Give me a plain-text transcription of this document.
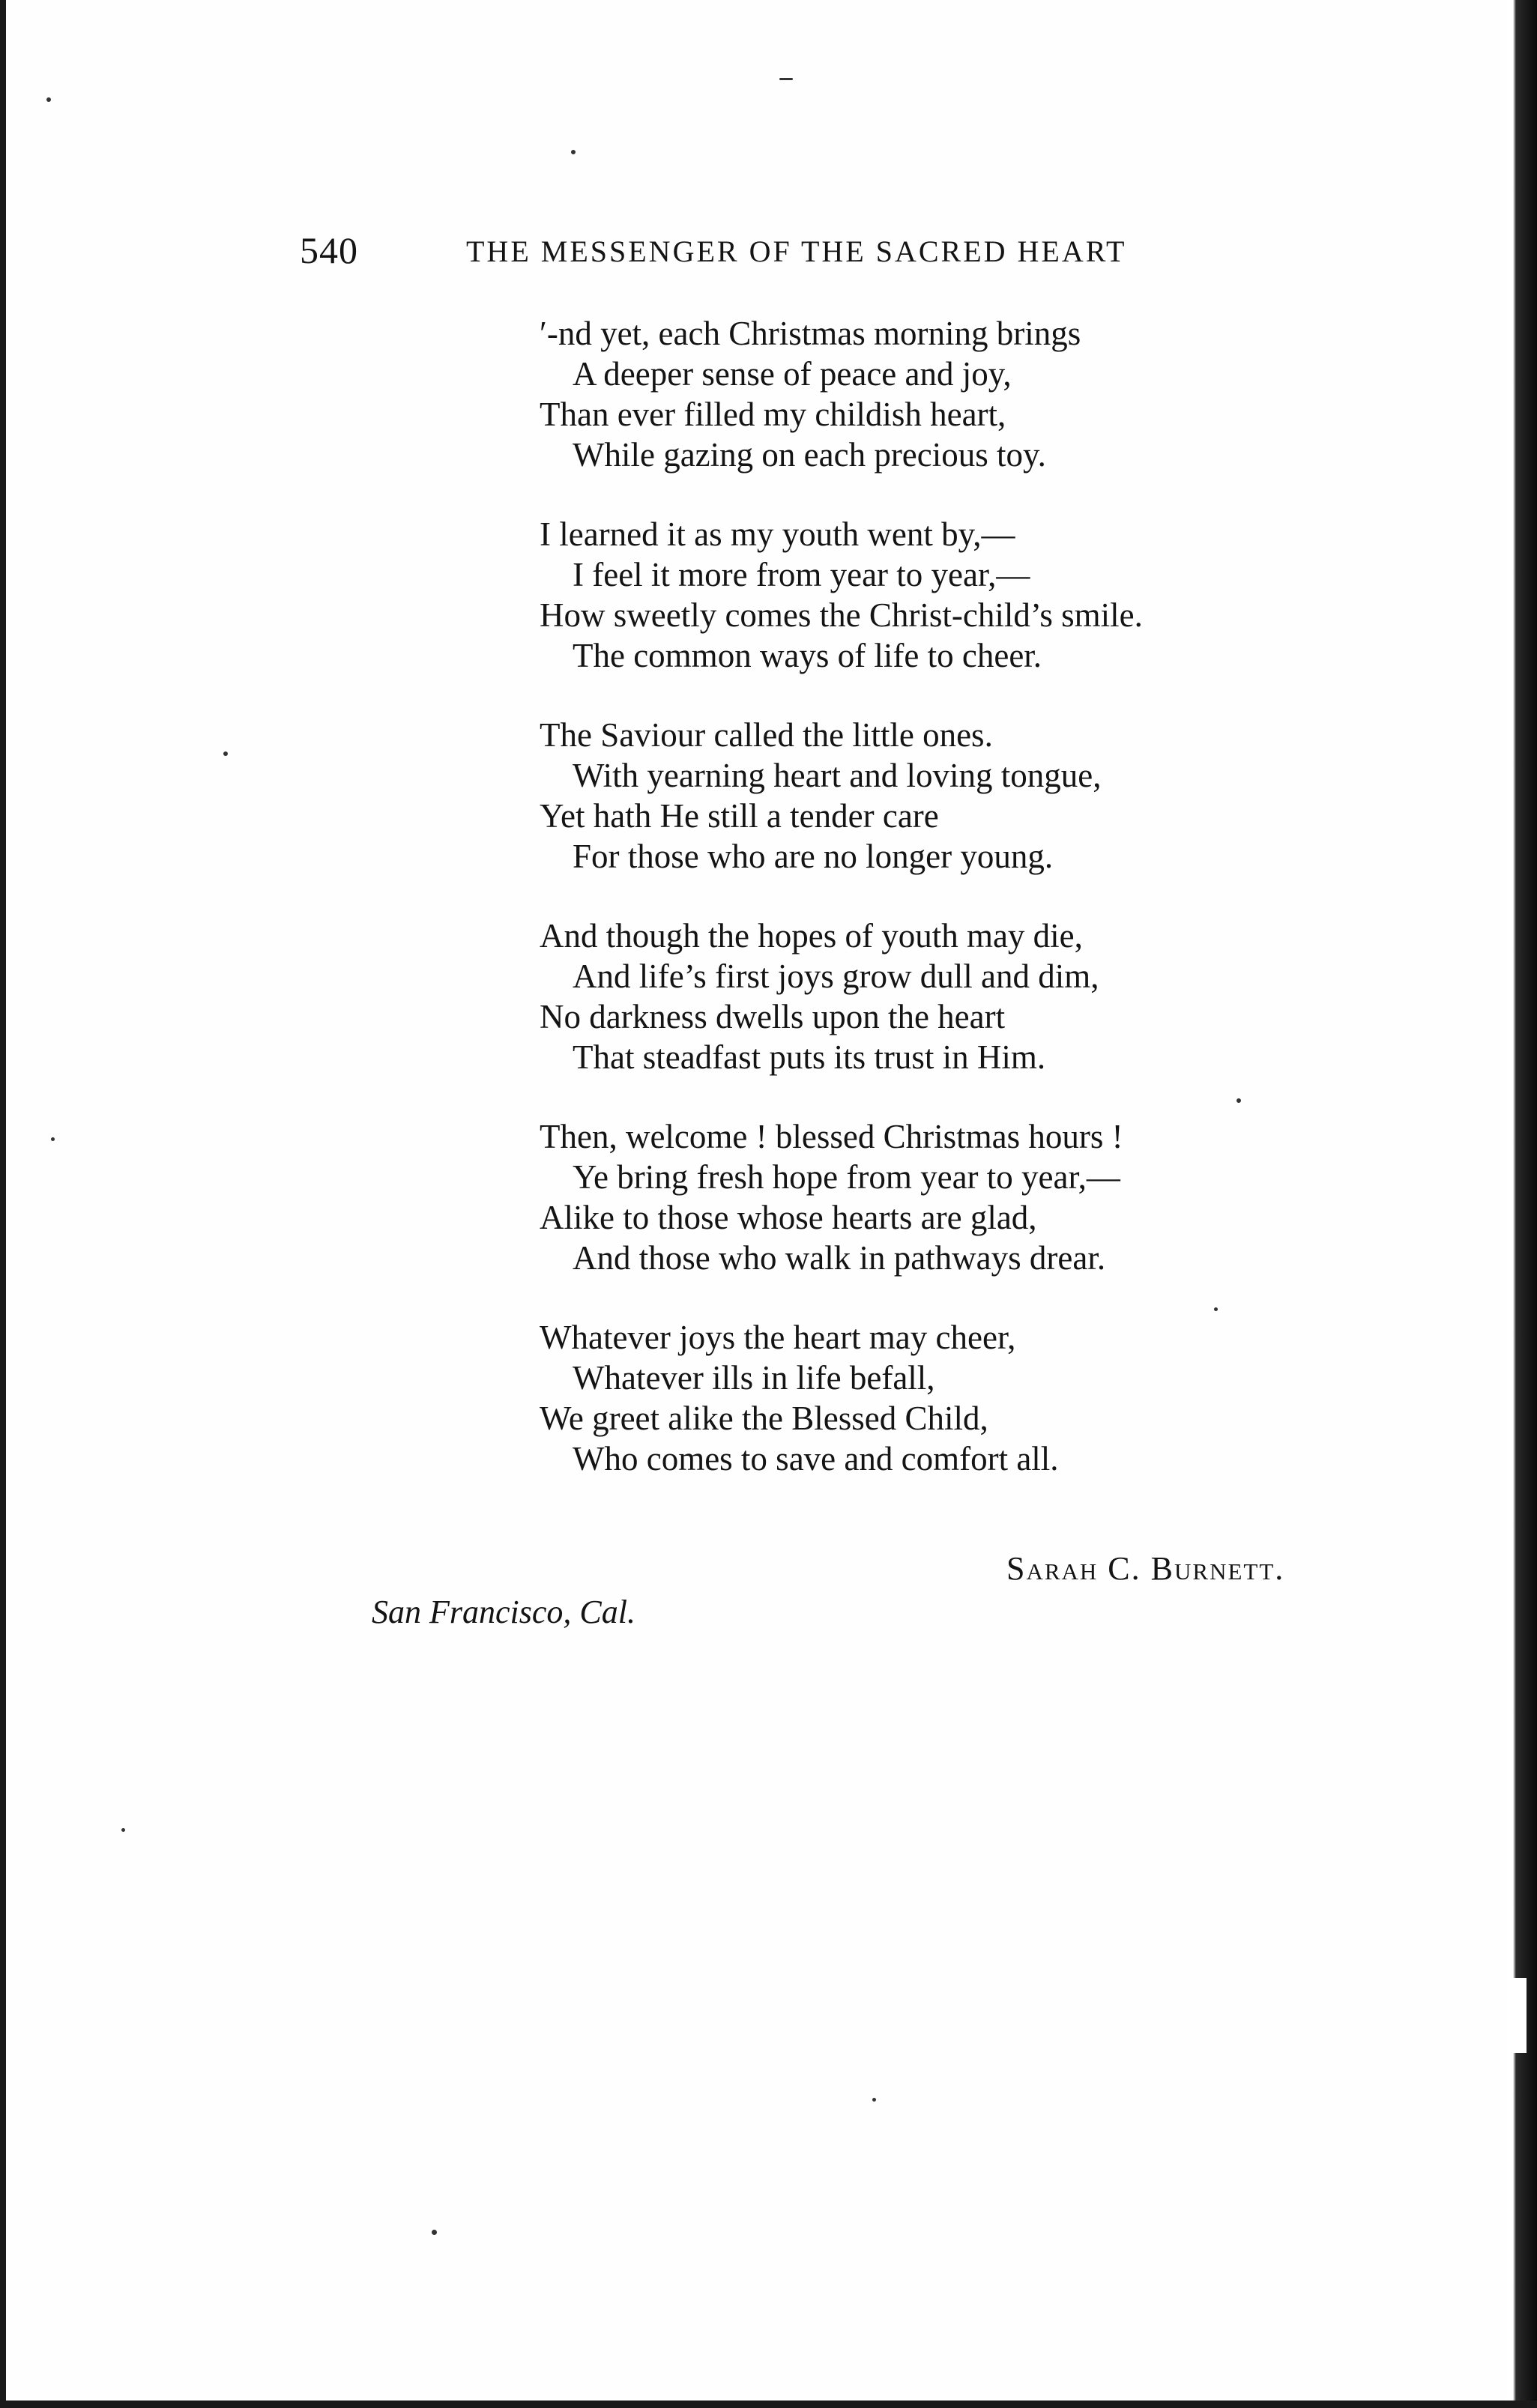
540	THE MESSENGER OF THE SACRED HEART
′-nd yet, each Christmas morning brings
A deeper sense of peace and joy,
Than ever filled my childish heart,
While gazing on each precious toy.
I learned it as my youth went by,—
I feel it more from year to year,—
How sweetly comes the Christ-child’s smile.
The common ways of life to cheer.
The Saviour called the little ones.
With yearning heart and loving tongue,
Yet hath He still a tender care
For those who are no longer young.
And though the hopes of youth may die,
And life’s first joys grow dull and dim,
No darkness dwells upon the heart
That steadfast puts its trust in Him.
Then, welcome ! blessed Christmas hours !
Ye bring fresh hope from year to year,—
Alike to those whose hearts are glad,
And those who walk in pathways drear.
Whatever joys the heart may cheer,
Whatever ills in life befall,
We greet alike the Blessed Child,
Who comes to save and comfort all.
Sarah C. Burnett.
San Francisco, Cal.
